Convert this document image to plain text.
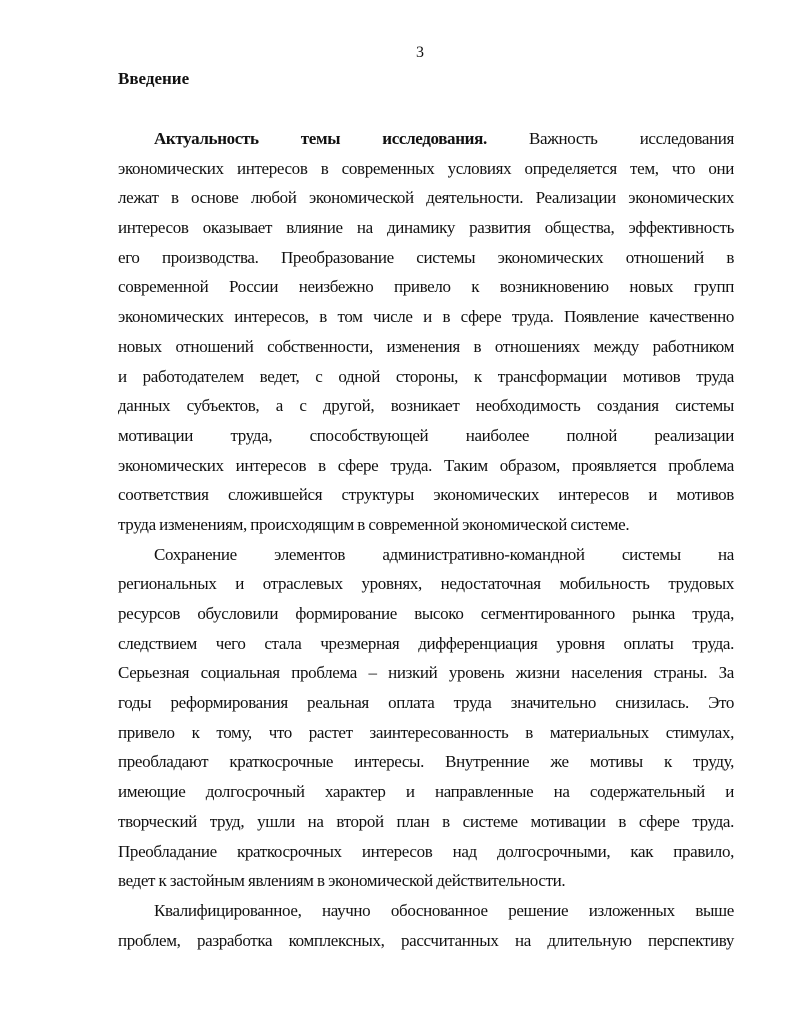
3
Введение
Актуальность темы исследования. Важность исследования
экономических интересов в современных условиях определяется тем, что они
лежат в основе любой экономической деятельности. Реализации экономических
интересов оказывает влияние на динамику развития общества, эффективность
его производства. Преобразование системы экономических отношений в
современной России неизбежно привело к возникновению новых групп
экономических интересов, в том числе и в сфере труда. Появление качественно
новых отношений собственности, изменения в отношениях между работником
и работодателем ведет, с одной стороны, к трансформации мотивов труда
данных субъектов, а с другой, возникает необходимость создания системы
мотивации труда, способствующей наиболее полной реализации
экономических интересов в сфере труда. Таким образом, проявляется проблема
соответствия сложившейся структуры экономических интересов и мотивов
труда изменениям, происходящим в современной экономической системе.
Сохранение элементов административно-командной системы на
региональных и отраслевых уровнях, недостаточная мобильность трудовых
ресурсов обусловили формирование высоко сегментированного рынка труда,
следствием чего стала чрезмерная дифференциация уровня оплаты труда.
Серьезная социальная проблема – низкий уровень жизни населения страны. За
годы реформирования реальная оплата труда значительно снизилась. Это
привело к тому, что растет заинтересованность в материальных стимулах,
преобладают краткосрочные интересы. Внутренние же мотивы к труду,
имеющие долгосрочный характер и направленные на содержательный и
творческий труд, ушли на второй план в системе мотивации в сфере труда.
Преобладание краткосрочных интересов над долгосрочными, как правило,
ведет к застойным явлениям в экономической действительности.
Квалифицированное, научно обоснованное решение изложенных выше
проблем, разработка комплексных, рассчитанных на длительную перспективу
